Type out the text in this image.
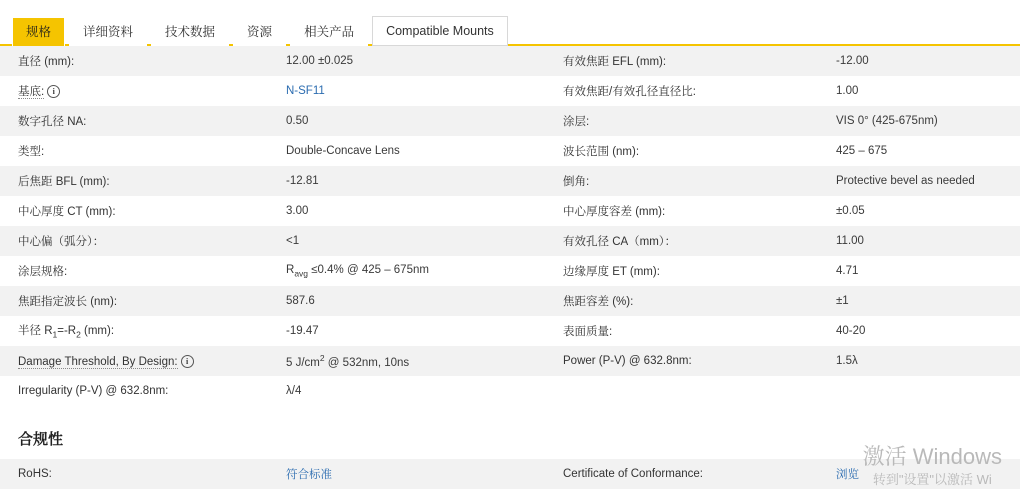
规格	详细资料	技术数据	资源	相关产品	Compatible Mounts
直径 (mm):	12.00 ±0.025	有效焦距 EFL (mm):	-12.00
基底: i	N-SF11	有效焦距/有效孔径直径比:	1.00
数字孔径 NA:	0.50	涂层:	VIS 0° (425-675nm)
类型:	Double-Concave Lens	波长范围 (nm):	425 – 675
后焦距 BFL (mm):	-12.81	倒角:	Protective bevel as needed
中心厚度 CT (mm):	3.00	中心厚度容差 (mm):	±0.05
中心偏（弧分）：	<1	有效孔径 CA（mm）：	11.00
涂层规格:	$R_{avg} \le 0.4\%$ @ 425 – 675nm	边缘厚度 ET (mm):	4.71
焦距指定波长 (nm):	587.6	焦距容差 (%):	±1
半径 $R_1=-R_2$ (mm):	-19.47	表面质量:	40-20
Damage Threshold, By Design: i	5 $J/cm^2$ @ 532nm, 10ns	Power (P-V) @ 632.8nm:	1.5λ
Irregularity (P-V) @ 632.8nm:	λ/4		
合规性
RoHS:	符合标准	Certificate of Conformance:	浏览
激活 Windows
转到"设置"以激活 Wi
